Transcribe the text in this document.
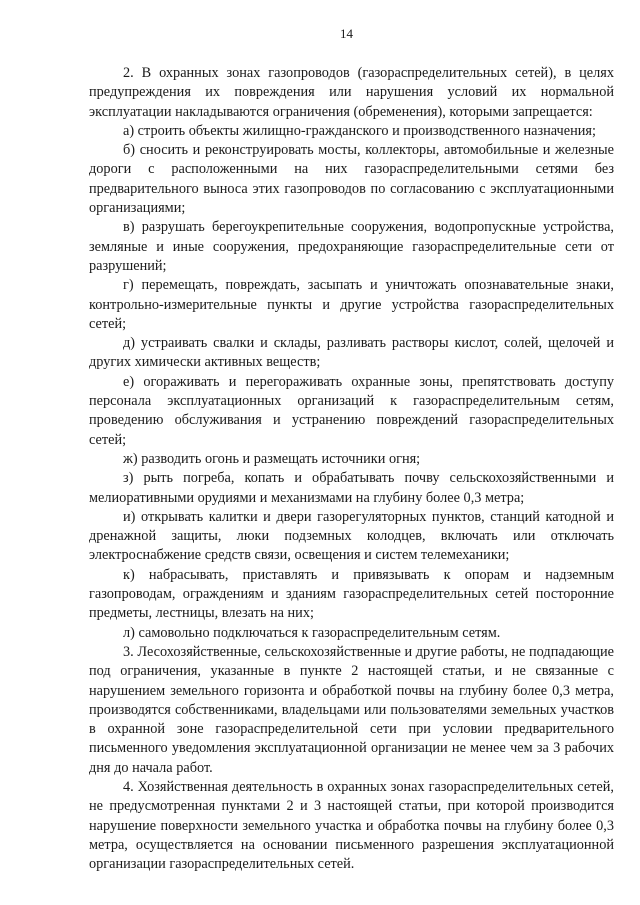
14

2. В охранных зонах газопроводов (газораспределительных сетей), в целях предупреждения их повреждения или нарушения условий их нормальной эксплуатации накладываются ограничения (обременения), которыми запрещается:

а) строить объекты жилищно-гражданского и производственного назначения;

б) сносить и реконструировать мосты, коллекторы, автомобильные и железные дороги с расположенными на них газораспределительными сетями без предварительного выноса этих газопроводов по согласованию с эксплуатационными организациями;

в) разрушать берегоукрепительные сооружения, водопропускные устройства, земляные и иные сооружения, предохраняющие газораспределительные сети от разрушений;

г) перемещать, повреждать, засыпать и уничтожать опознавательные знаки, контрольно-измерительные пункты и другие устройства газораспределительных сетей;

д) устраивать свалки и склады, разливать растворы кислот, солей, щелочей и других химически активных веществ;

е) огораживать и перегораживать охранные зоны, препятствовать доступу персонала эксплуатационных организаций к газораспределительным сетям, проведению обслуживания и устранению повреждений газораспределительных сетей;

ж) разводить огонь и размещать источники огня;

з) рыть погреба, копать и обрабатывать почву сельскохозяйственными и мелиоративными орудиями и механизмами на глубину более 0,3 метра;

и) открывать калитки и двери газорегуляторных пунктов, станций катодной и дренажной защиты, люки подземных колодцев, включать или отключать электроснабжение средств связи, освещения и систем телемеханики;

к) набрасывать, приставлять и привязывать к опорам и надземным газопроводам, ограждениям и зданиям газораспределительных сетей посторонние предметы, лестницы, влезать на них;

л) самовольно подключаться к газораспределительным сетям.

3. Лесохозяйственные, сельскохозяйственные и другие работы, не подпадающие под ограничения, указанные в пункте 2 настоящей статьи, и не связанные с нарушением земельного горизонта и обработкой почвы на глубину более 0,3 метра, производятся собственниками, владельцами или пользователями земельных участков в охранной зоне газораспределительной сети при условии предварительного письменного уведомления эксплуатационной организации не менее чем за 3 рабочих дня до начала работ.

4. Хозяйственная деятельность в охранных зонах газораспределительных сетей, не предусмотренная пунктами 2 и 3 настоящей статьи, при которой производится нарушение поверхности земельного участка и обработка почвы на глубину более 0,3 метра, осуществляется на основании письменного разрешения эксплуатационной организации газораспределительных сетей.
